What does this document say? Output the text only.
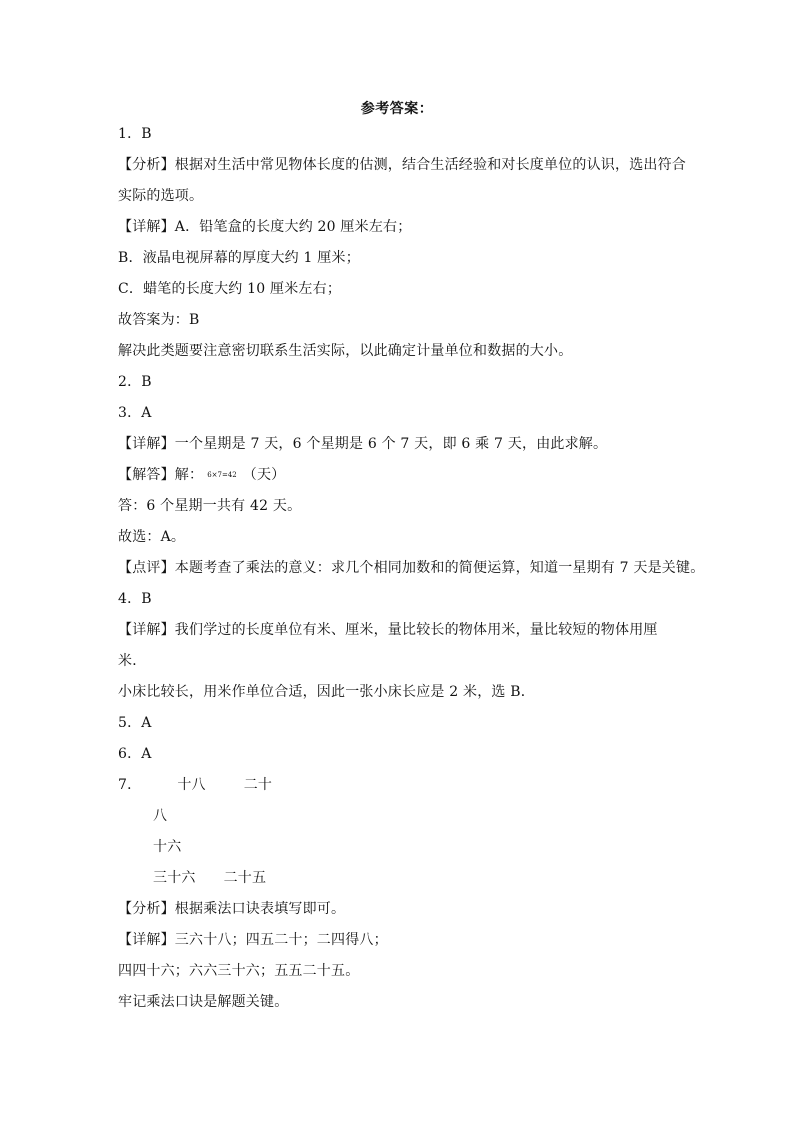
参考答案：
1．B
【分析】根据对生活中常见物体长度的估测，结合生活经验和对长度单位的认识，选出符合
实际的选项。
【详解】A．铅笔盒的长度大约 20 厘米左右；
B．液晶电视屏幕的厚度大约 1 厘米；
C．蜡笔的长度大约 10 厘米左右；
故答案为：B
解决此类题要注意密切联系生活实际，以此确定计量单位和数据的大小。
2．B
3．A
【详解】一个星期是 7 天，6 个星期是 6 个 7 天，即 6 乘 7 天，由此求解。
【解答】解： 6×7=42 （天）
答：6 个星期一共有 42 天。
故选：A。
【点评】本题考查了乘法的意义：求几个相同加数和的简便运算，知道一星期有 7 天是关键。
4．B
【详解】我们学过的长度单位有米、厘米，量比较长的物体用米，量比较短的物体用厘
米．
小床比较长，用米作单位合适，因此一张小床长应是 2 米，选 B．
5．A
6．A
7．	十八	二十
八
十六
三十六 二十五
【分析】根据乘法口诀表填写即可。
【详解】三六十八；四五二十；二四得八；
四四十六；六六三十六；五五二十五。
牢记乘法口诀是解题关键。
